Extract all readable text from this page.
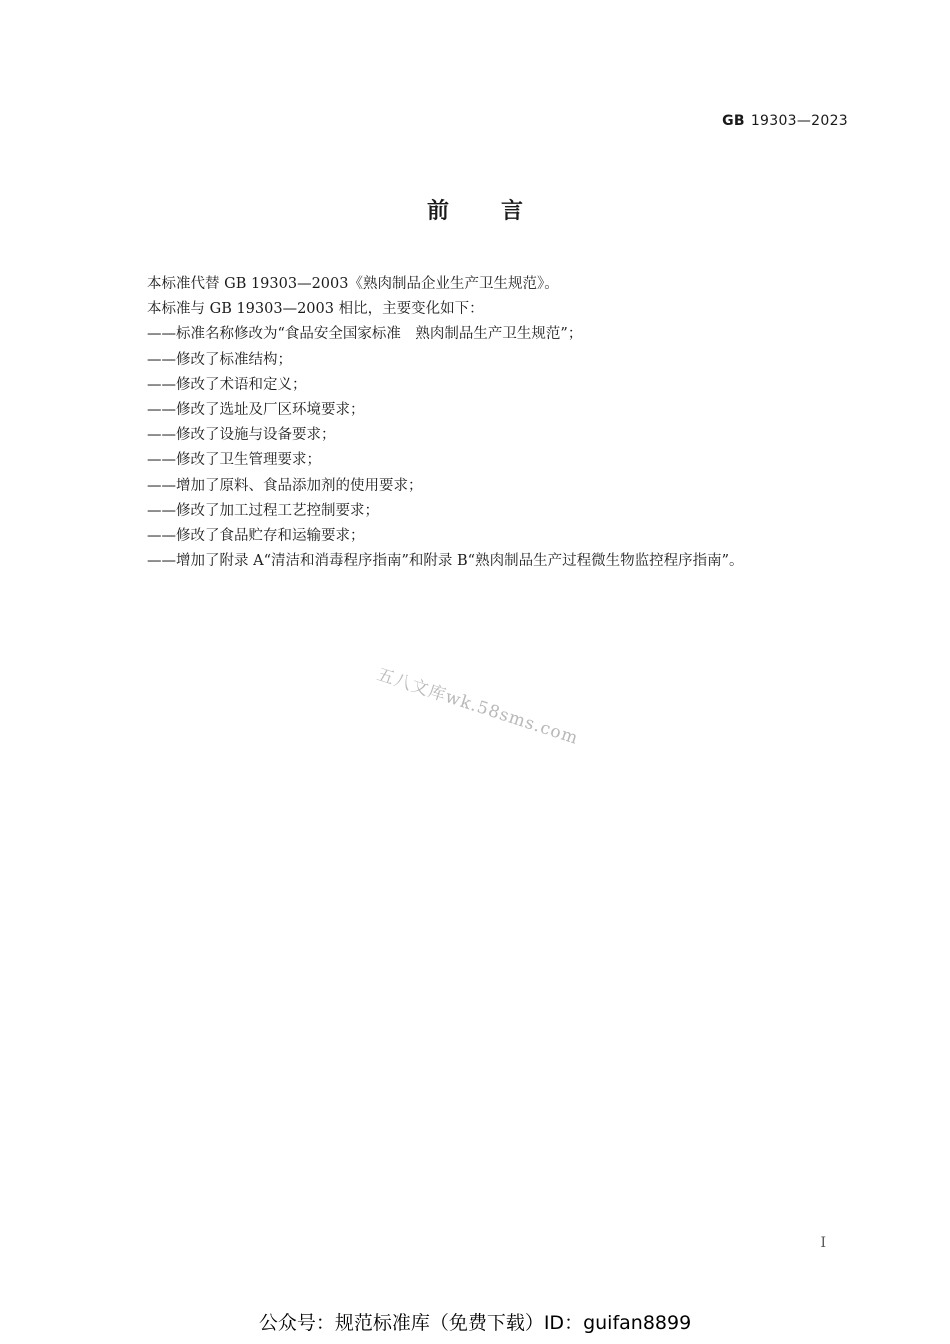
GB 19303—2023
前言

本标准代替 GB 19303—2003《熟肉制品企业生产卫生规范》。

本标准与 GB 19303—2003 相比，主要变化如下：

——标准名称修改为“食品安全国家标准　熟肉制品生产卫生规范”；

——修改了标准结构；

——修改了术语和定义；

——修改了选址及厂区环境要求；

——修改了设施与设备要求；

——修改了卫生管理要求；

——增加了原料、食品添加剂的使用要求；

——修改了加工过程工艺控制要求；

——修改了食品贮存和运输要求；

——增加了附录 A“清洁和消毒程序指南”和附录 B“熟肉制品生产过程微生物监控程序指南”。

五八文库wk.58sms.com
I
公众号：规范标准库（免费下载）ID：guifan8899
